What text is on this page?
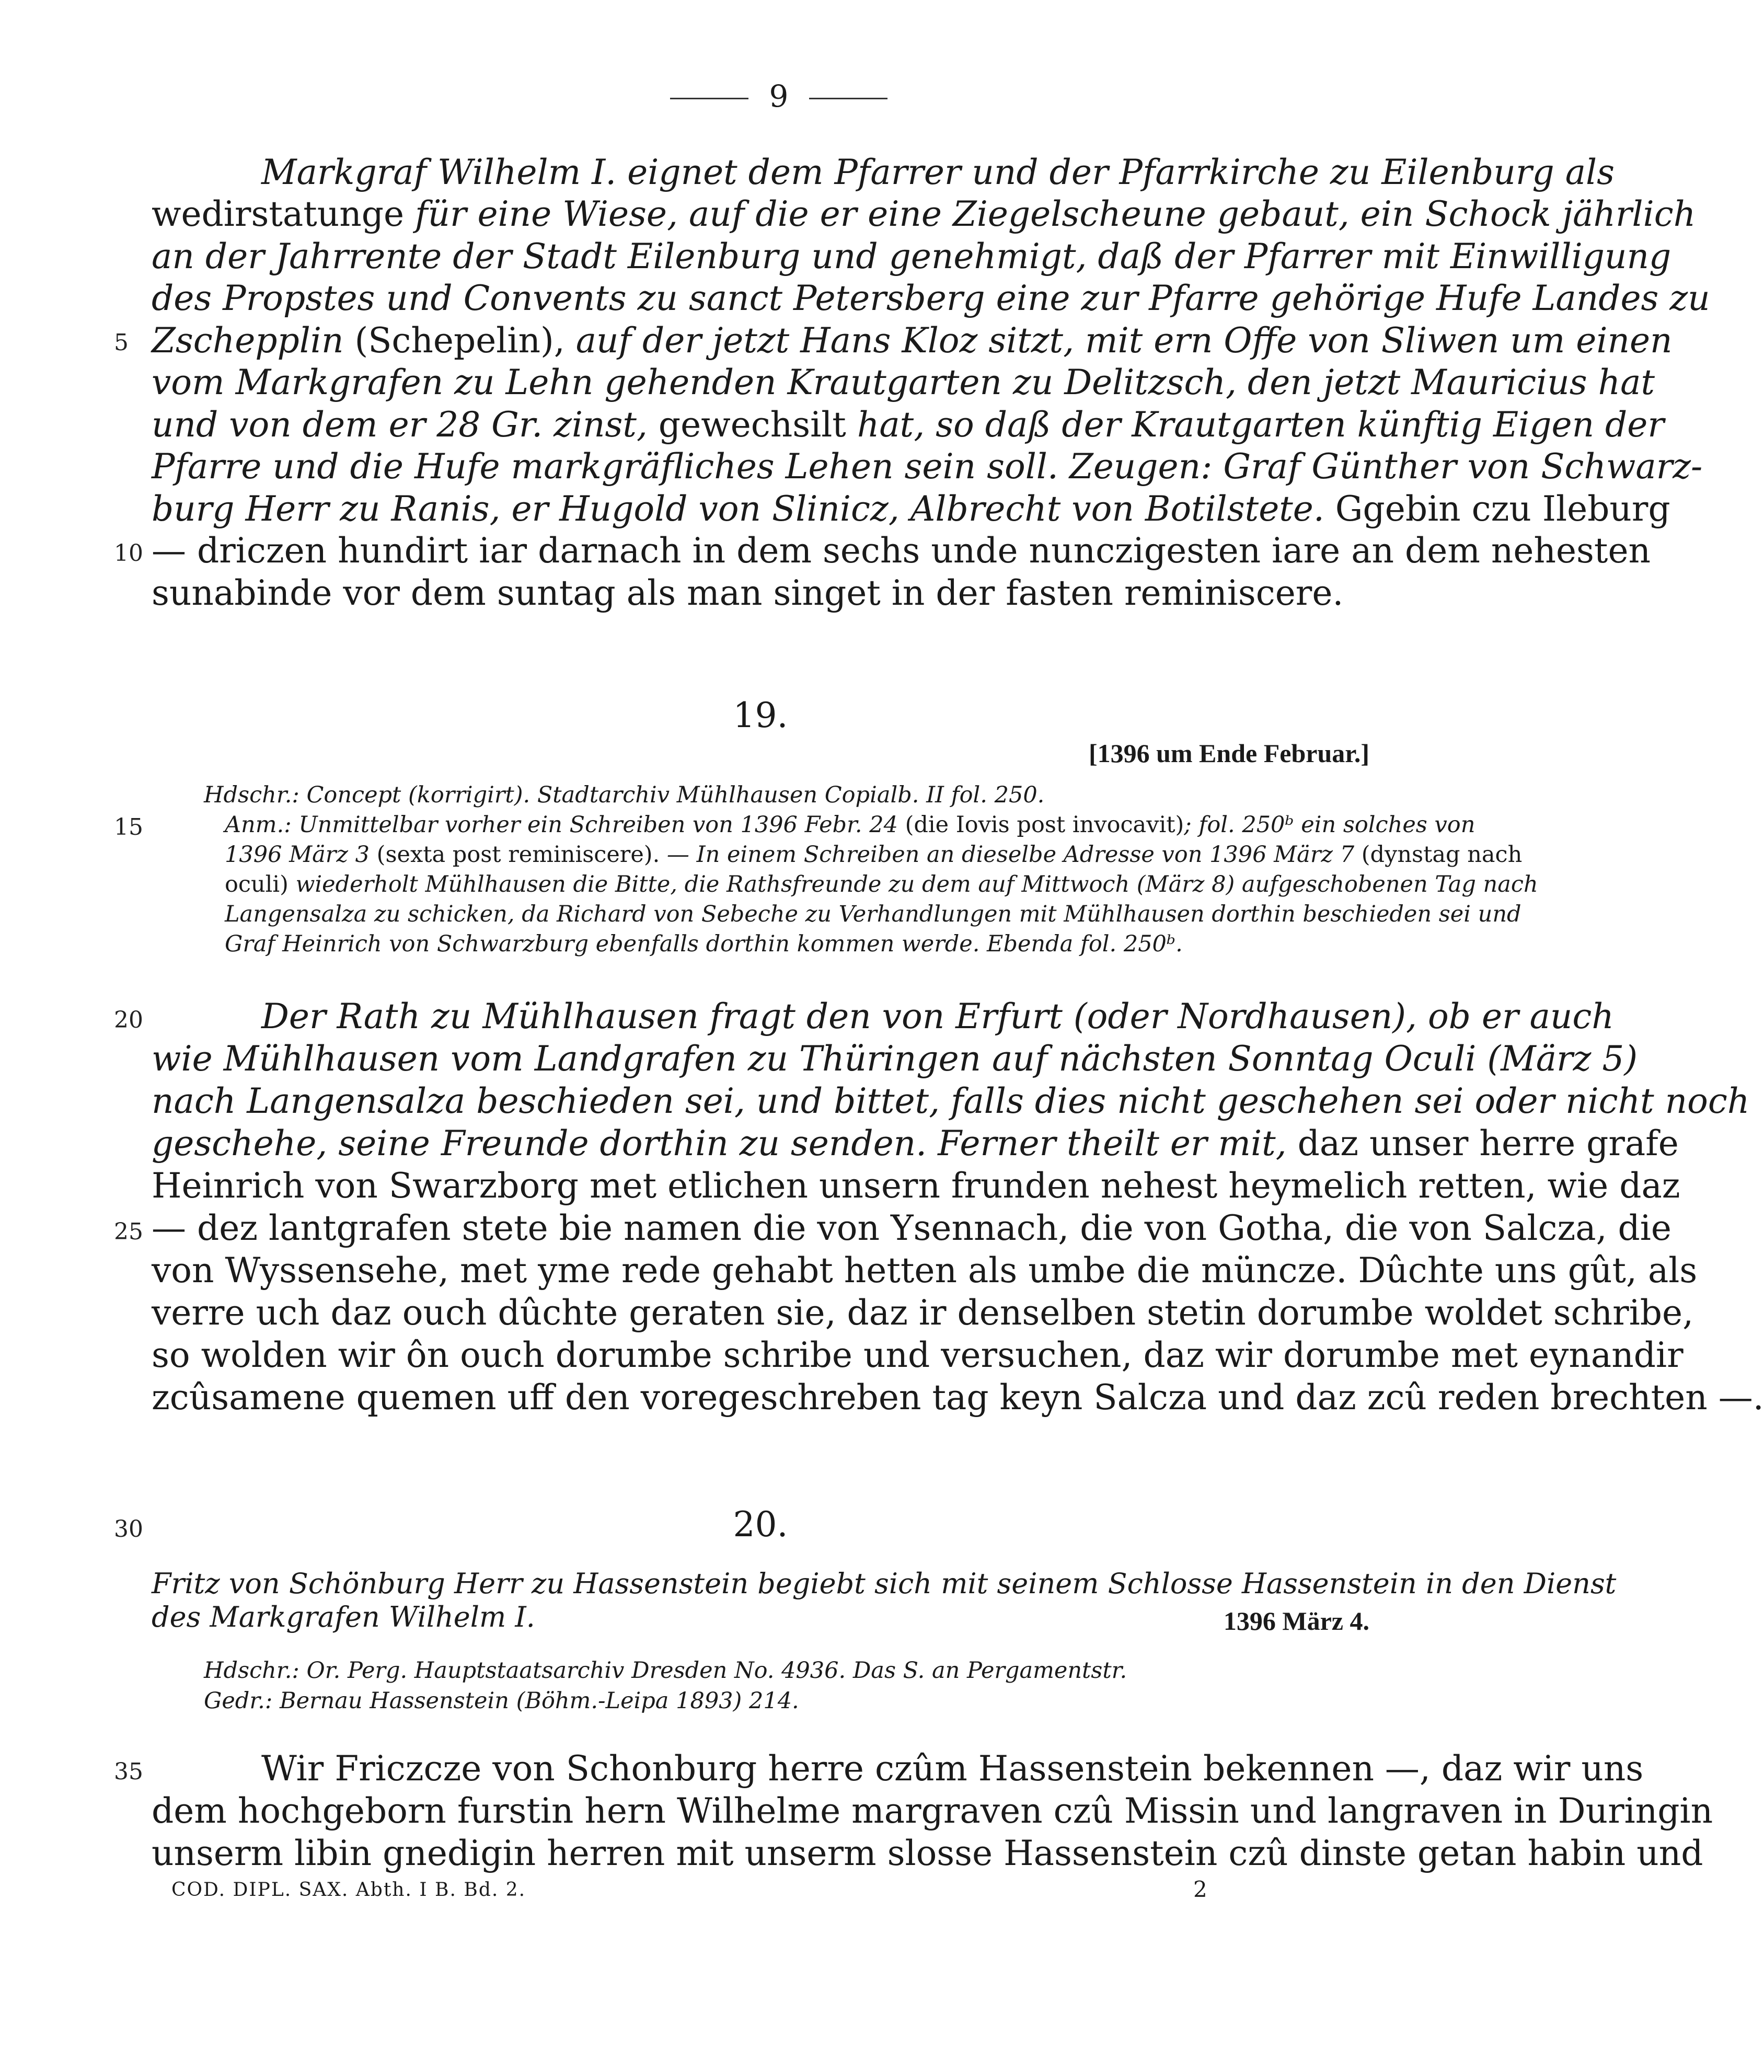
9
Markgraf Wilhelm I. eignet dem Pfarrer und der Pfarrkirche zu Eilenburg als
wedirstatunge für eine Wiese, auf die er eine Ziegelscheune gebaut, ein Schock jährlich
an der Jahrrente der Stadt Eilenburg und genehmigt, daß der Pfarrer mit Einwilligung
des Propstes und Convents zu sanct Petersberg eine zur Pfarre gehörige Hufe Landes zu
Zschepplin (Schepelin), auf der jetzt Hans Kloz sitzt, mit ern Offe von Sliwen um einen
vom Markgrafen zu Lehn gehenden Krautgarten zu Delitzsch, den jetzt Mauricius hat
und von dem er 28 Gr. zinst, gewechsilt hat, so daß der Krautgarten künftig Eigen der
Pfarre und die Hufe markgräfliches Lehen sein soll. Zeugen: Graf Günther von Schwarz-
burg Herr zu Ranis, er Hugold von Slinicz, Albrecht von Botilstete. Ggebin czu Ileburg
— driczen hundirt iar darnach in dem sechs unde nunczigesten iare an dem nehesten
sunabinde vor dem suntag als man singet in der fasten reminiscere.
19.
[1396 um Ende Februar.]
Hdschr.: Concept (korrigirt). Stadtarchiv Mühlhausen Copialb. II fol. 250.
Anm.: Unmittelbar vorher ein Schreiben von 1396 Febr. 24 (die Iovis post invocavit); fol. 250ᵇ ein solches von
1396 März 3 (sexta post reminiscere). — In einem Schreiben an dieselbe Adresse von 1396 März 7 (dynstag nach
oculi) wiederholt Mühlhausen die Bitte, die Rathsfreunde zu dem auf Mittwoch (März 8) aufgeschobenen Tag nach
Langensalza zu schicken, da Richard von Sebeche zu Verhandlungen mit Mühlhausen dorthin beschieden sei und
Graf Heinrich von Schwarzburg ebenfalls dorthin kommen werde. Ebenda fol. 250ᵇ.
Der Rath zu Mühlhausen fragt den von Erfurt (oder Nordhausen), ob er auch
wie Mühlhausen vom Landgrafen zu Thüringen auf nächsten Sonntag Oculi (März 5)
nach Langensalza beschieden sei, und bittet, falls dies nicht geschehen sei oder nicht noch
geschehe, seine Freunde dorthin zu senden. Ferner theilt er mit, daz unser herre grafe
Heinrich von Swarzborg met etlichen unsern frunden nehest heymelich retten, wie daz
— dez lantgrafen stete bie namen die von Ysennach, die von Gotha, die von Salcza, die
von Wyssensehe, met yme rede gehabt hetten als umbe die müncze. Dûchte uns gût, als
verre uch daz ouch dûchte geraten sie, daz ir denselben stetin dorumbe woldet schribe,
so wolden wir ôn ouch dorumbe schribe und versuchen, daz wir dorumbe met eynandir
zcûsamene quemen uff den voregeschreben tag keyn Salcza und daz zcû reden brechten —.
20.
Fritz von Schönburg Herr zu Hassenstein begiebt sich mit seinem Schlosse Hassenstein in den Dienst
des Markgrafen Wilhelm I.	1396 März 4.
Hdschr.: Or. Perg. Hauptstaatsarchiv Dresden No. 4936. Das S. an Pergamentstr.
Gedr.: Bernau Hassenstein (Böhm.-Leipa 1893) 214.
Wir Friczcze von Schonburg herre czûm Hassenstein bekennen —, daz wir uns
dem hochgeborn furstin hern Wilhelme margraven czû Missin und langraven in Duringin
unserm libin gnedigin herren mit unserm slosse Hassenstein czû dinste getan habin und
5
10
15
20
25
30
35
COD. DIPL. SAX. Abth. I B. Bd. 2.	2
